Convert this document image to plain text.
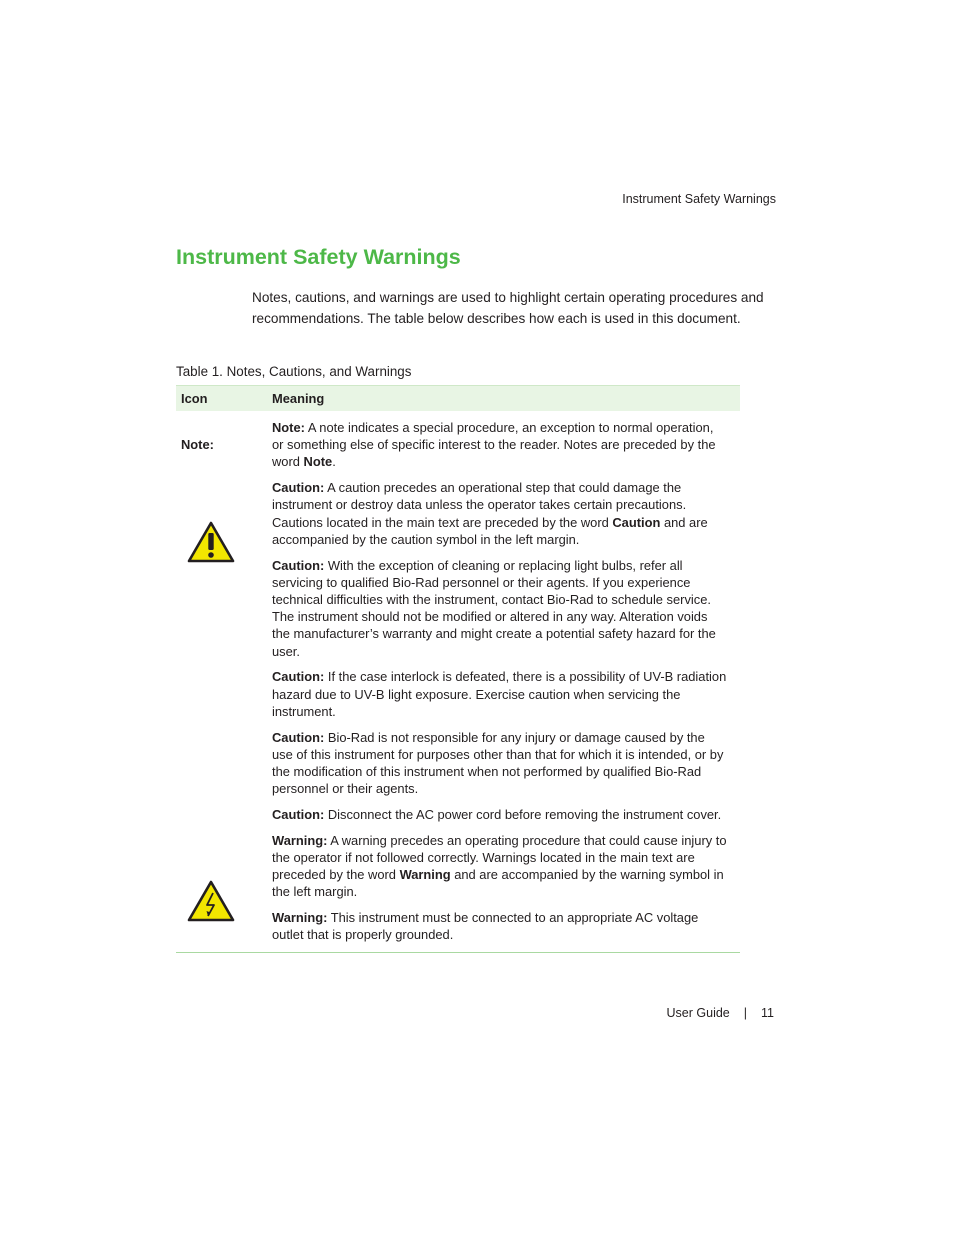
Instrument Safety Warnings
Instrument Safety Warnings

Notes, cautions, and warnings are used to highlight certain operating procedures and recommendations. The table below describes how each is used in this document.

Table 1. Notes, Cautions, and Warnings
Icon	Meaning
Note:

Note: A note indicates a special procedure, an exception to normal operation, or something else of specific interest to the reader. Notes are preceded by the word Note.

Caution: A caution precedes an operational step that could damage the instrument or destroy data unless the operator takes certain precautions. Cautions located in the main text are preceded by the word Caution and are accompanied by the caution symbol in the left margin.

Caution: With the exception of cleaning or replacing light bulbs, refer all servicing to qualified Bio-Rad personnel or their agents. If you experience technical difficulties with the instrument, contact Bio-Rad to schedule service. The instrument should not be modified or altered in any way. Alteration voids the manufacturer’s warranty and might create a potential safety hazard for the user.

Caution: If the case interlock is defeated, there is a possibility of UV-B radiation hazard due to UV-B light exposure. Exercise caution when servicing the instrument.

Caution: Bio-Rad is not responsible for any injury or damage caused by the use of this instrument for purposes other than that for which it is intended, or by the modification of this instrument when not performed by qualified Bio-Rad personnel or their agents.

Caution: Disconnect the AC power cord before removing the instrument cover.

Warning: A warning precedes an operating procedure that could cause injury to the operator if not followed correctly. Warnings located in the main text are preceded by the word Warning and are accompanied by the warning symbol in the left margin.

Warning: This instrument must be connected to an appropriate AC voltage outlet that is properly grounded.

User Guide | 11
